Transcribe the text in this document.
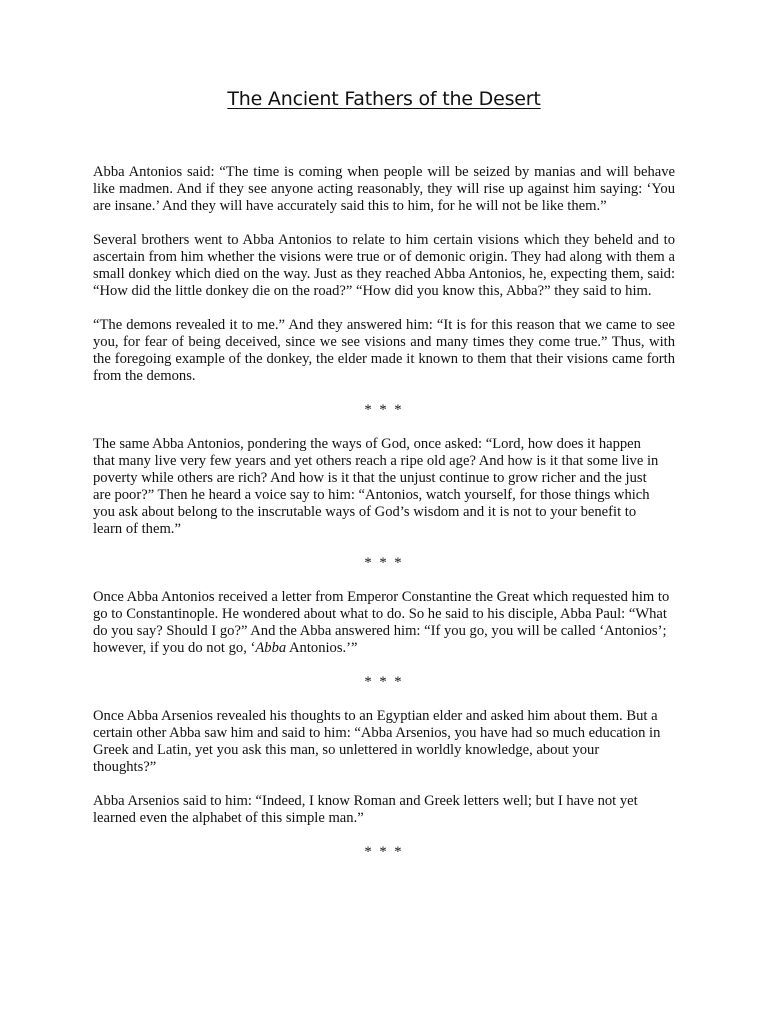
The Ancient Fathers of the Desert

Abba Antonios said: “The time is coming when people will be seized by manias and will behave like madmen. And if they see anyone acting reasonably, they will rise up against him saying: ‘You are insane.’ And they will have accurately said this to him, for he will not be like them.”

Several brothers went to Abba Antonios to relate to him certain visions which they beheld and to ascertain from him whether the visions were true or of demonic origin. They had along with them a small donkey which died on the way. Just as they reached Abba Antonios, he, expecting them, said: “How did the little donkey die on the road?” “How did you know this, Abba?” they said to him.

“The demons revealed it to me.” And they answered him: “It is for this reason that we came to see you, for fear of being deceived, since we see visions and many times they come true.” Thus, with the foregoing example of the donkey, the elder made it known to them that their visions came forth from the demons.

* * *

The same Abba Antonios, pondering the ways of God, once asked: “Lord, how does it happen that many live very few years and yet others reach a ripe old age? And how is it that some live in poverty while others are rich? And how is it that the unjust continue to grow richer and the just are poor?” Then he heard a voice say to him: “Antonios, watch yourself, for those things which you ask about belong to the inscrutable ways of God’s wisdom and it is not to your benefit to learn of them.”

* * *

Once Abba Antonios received a letter from Emperor Constantine the Great which requested him to go to Constantinople. He wondered about what to do. So he said to his disciple, Abba Paul: “What do you say? Should I go?” And the Abba answered him: “If you go, you will be called ‘Antonios’; however, if you do not go, ‘Abba Antonios.’”

* * *

Once Abba Arsenios revealed his thoughts to an Egyptian elder and asked him about them. But a certain other Abba saw him and said to him: “Abba Arsenios, you have had so much education in Greek and Latin, yet you ask this man, so unlettered in worldly knowledge, about your thoughts?”

Abba Arsenios said to him: “Indeed, I know Roman and Greek letters well; but I have not yet learned even the alphabet of this simple man.”

* * *
